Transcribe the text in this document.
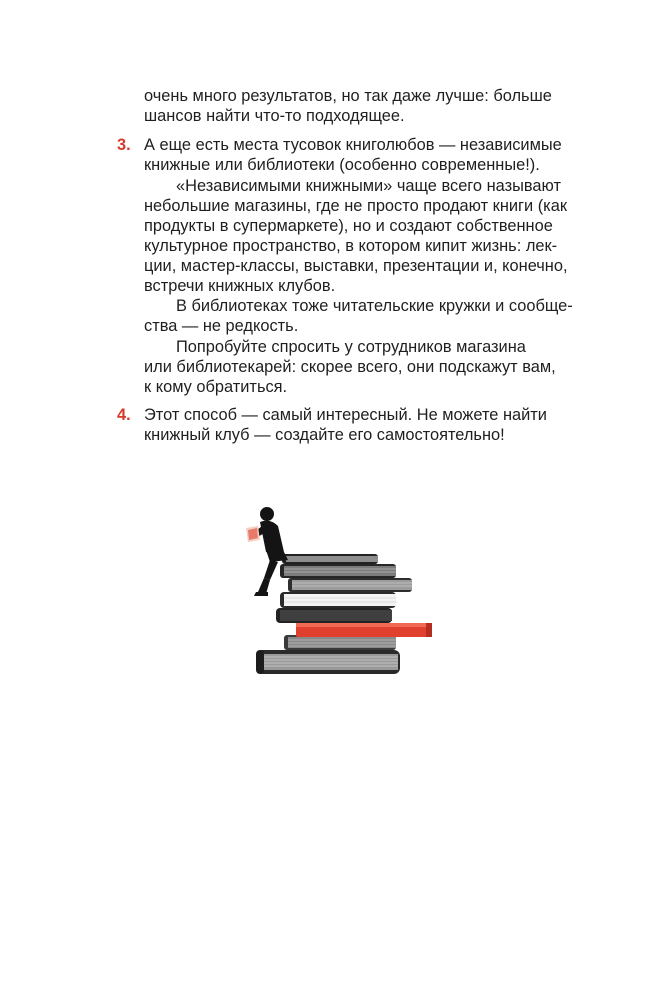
очень много результатов, но так даже лучше: больше
шансов найти что-то подходящее.
3. А еще есть места тусовок книголюбов — независимые
книжные или библиотеки (особенно современные!).
«Независимыми книжными» чаще всего называют
небольшие магазины, где не просто продают книги (как
продукты в супермаркете), но и создают собственное
культурное пространство, в котором кипит жизнь: лек-
ции, мастер-классы, выставки, презентации и, конечно,
встречи книжных клубов.
В библиотеках тоже читательские кружки и сообще-
ства — не редкость.
Попробуйте спросить у сотрудников магазина
или библиотекарей: скорее всего, они подскажут вам,
к кому обратиться.
4. Этот способ — самый интересный. Не можете найти
книжный клуб — создайте его самостоятельно!
